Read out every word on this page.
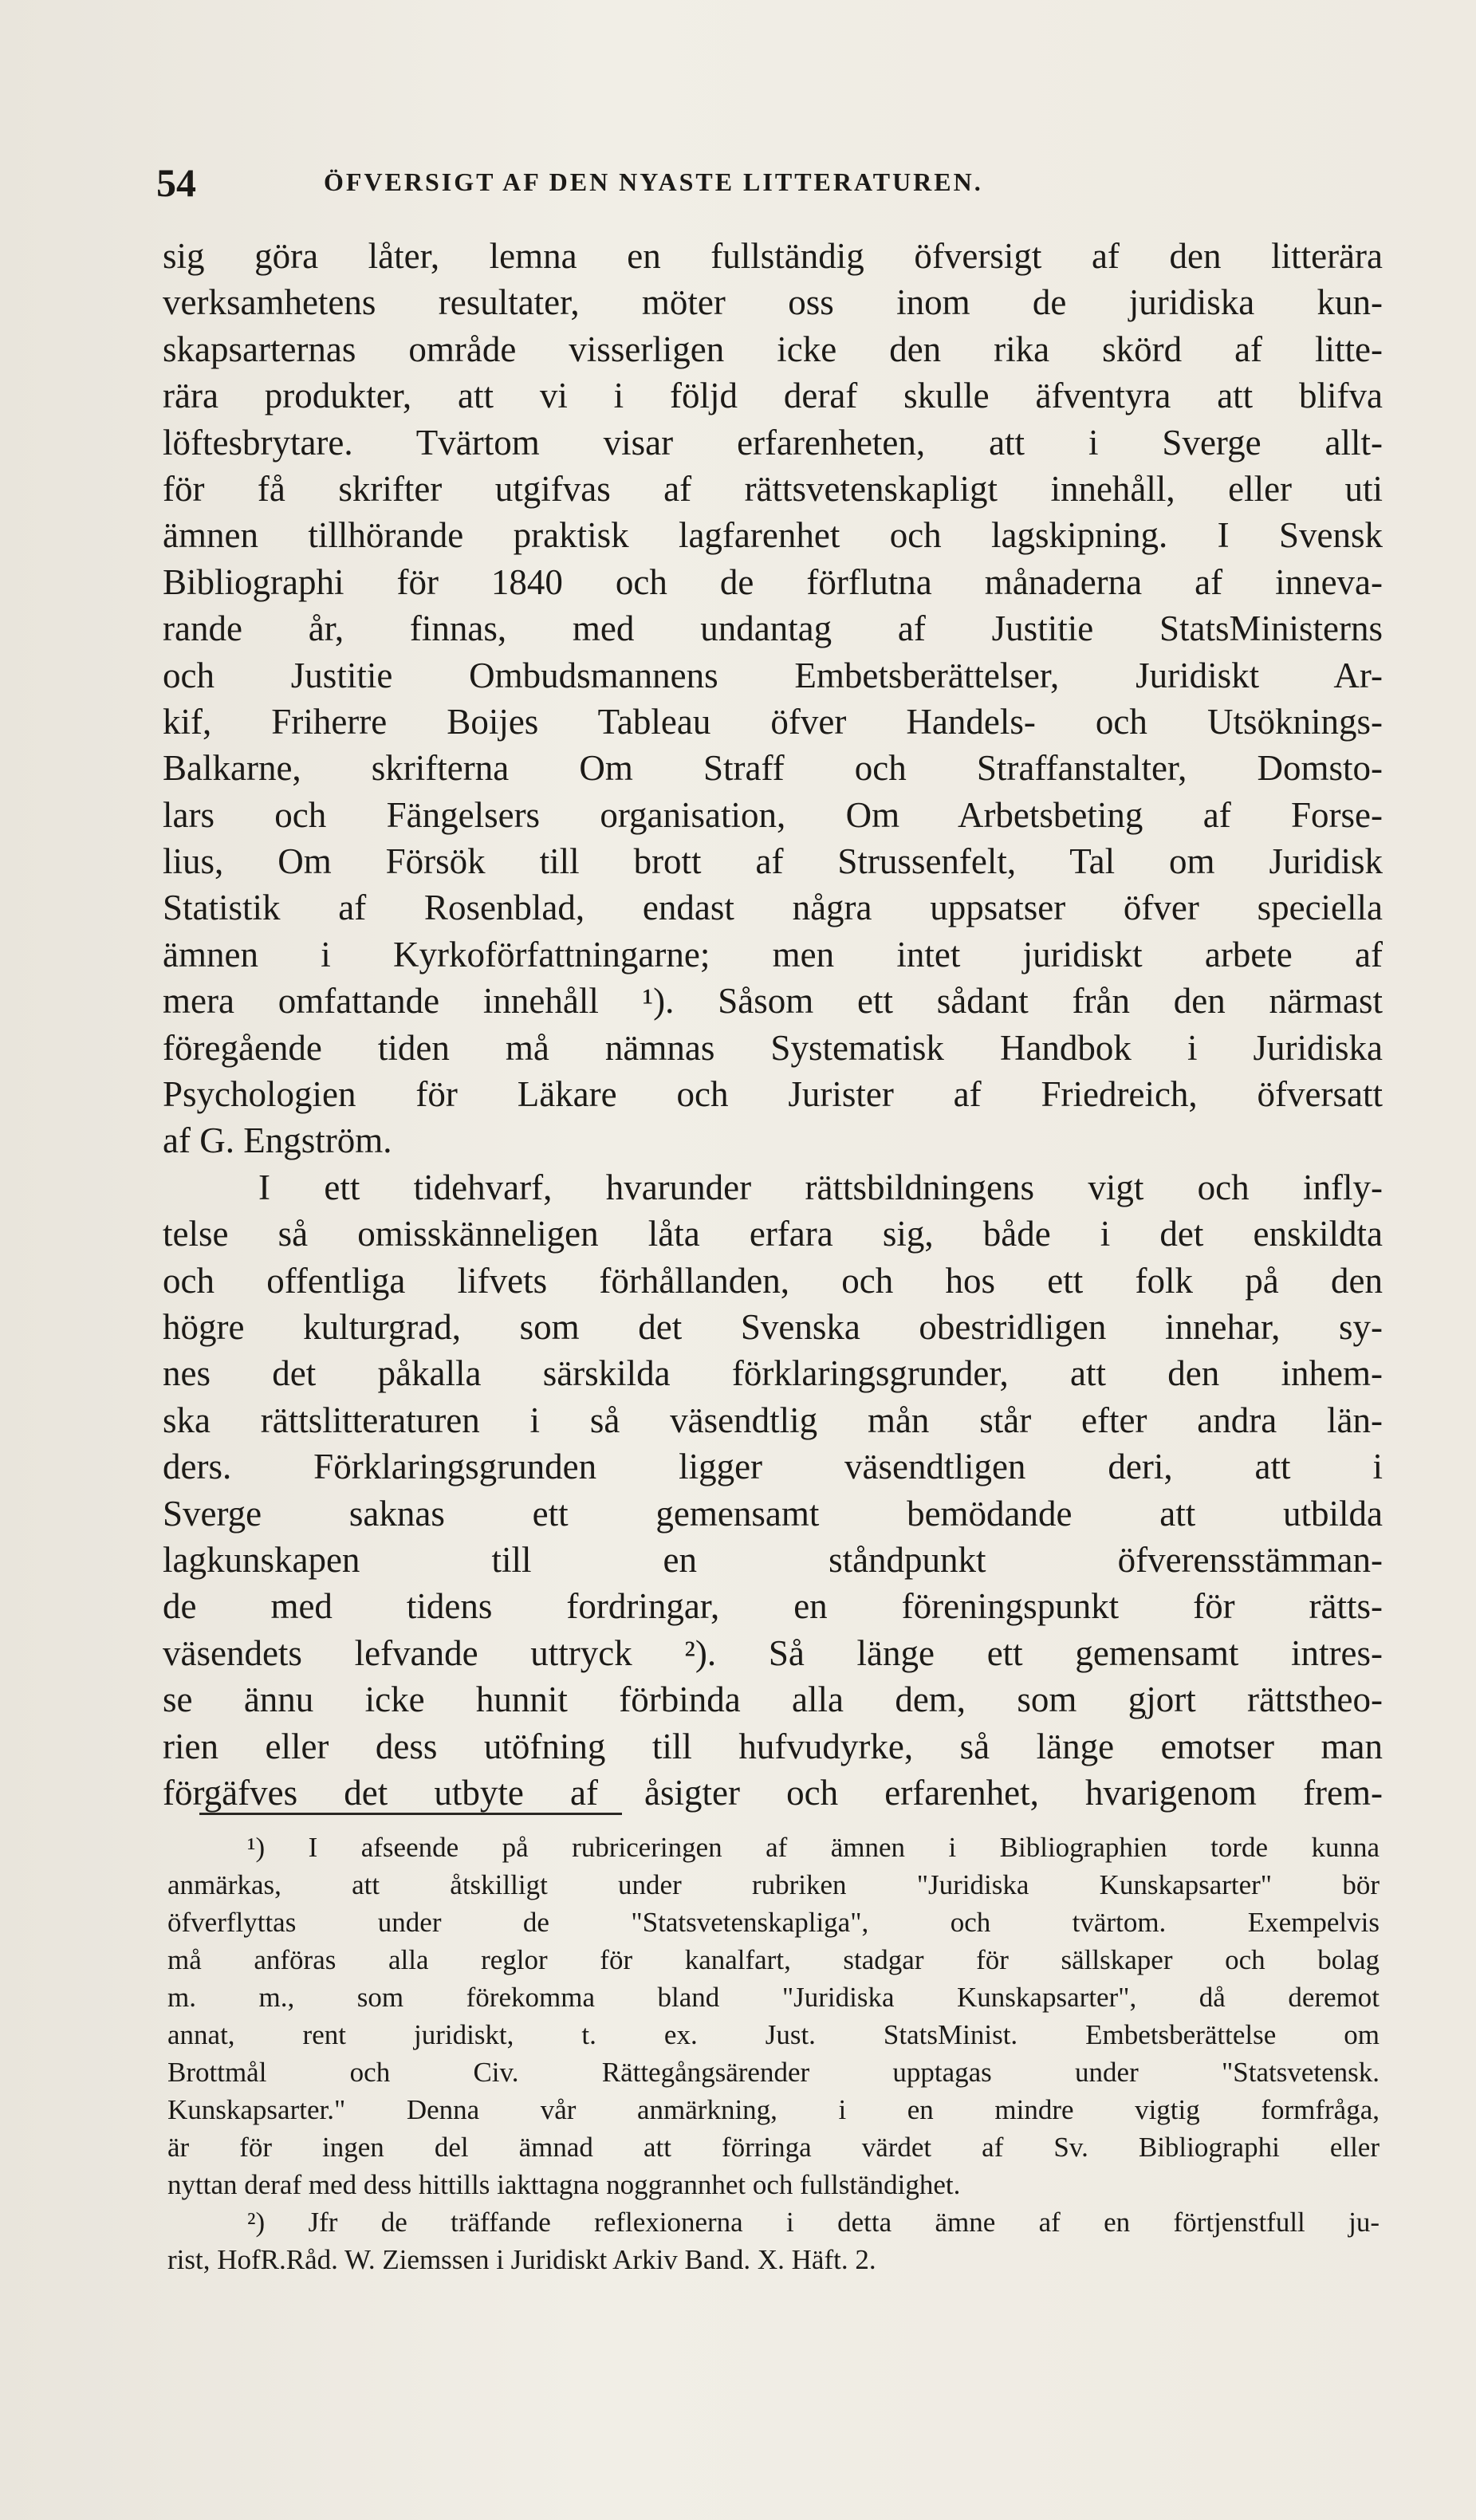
54	ÖFVERSIGT AF DEN NYASTE LITTERATUREN.
sig göra låter, lemna en fullständig öfversigt af den litterära
verksamhetens resultater, möter oss inom de juridiska kun-
skapsarternas område visserligen icke den rika skörd af litte-
rära produkter, att vi i följd deraf skulle äfventyra att blifva
löftesbrytare. Tvärtom visar erfarenheten, att i Sverge allt-
för få skrifter utgifvas af rättsvetenskapligt innehåll, eller uti
ämnen tillhörande praktisk lagfarenhet och lagskipning. I Svensk
Bibliographi för 1840 och de förflutna månaderna af inneva-
rande år, finnas, med undantag af Justitie StatsMinisterns
och Justitie Ombudsmannens Embetsberättelser, Juridiskt Ar-
kif, Friherre Boijes Tableau öfver Handels- och Utsöknings-
Balkarne, skrifterna Om Straff och Straffanstalter, Domsto-
lars och Fängelsers organisation, Om Arbetsbeting af Forse-
lius, Om Försök till brott af Strussenfelt, Tal om Juridisk
Statistik af Rosenblad, endast några uppsatser öfver speciella
ämnen i Kyrkoförfattningarne; men intet juridiskt arbete af
mera omfattande innehåll ¹). Såsom ett sådant från den närmast
föregående tiden må nämnas Systematisk Handbok i Juridiska
Psychologien för Läkare och Jurister af Friedreich, öfversatt
af G. Engström.
I ett tidehvarf, hvarunder rättsbildningens vigt och infly-
telse så omisskänneligen låta erfara sig, både i det enskildta
och offentliga lifvets förhållanden, och hos ett folk på den
högre kulturgrad, som det Svenska obestridligen innehar, sy-
nes det påkalla särskilda förklaringsgrunder, att den inhem-
ska rättslitteraturen i så väsendtlig mån står efter andra län-
ders. Förklaringsgrunden ligger väsendtligen deri, att i
Sverge saknas ett gemensamt bemödande att utbilda
lagkunskapen till en ståndpunkt öfverensstämman-
de med tidens fordringar, en föreningspunkt för rätts-
väsendets lefvande uttryck ²). Så länge ett gemensamt intres-
se ännu icke hunnit förbinda alla dem, som gjort rättstheo-
rien eller dess utöfning till hufvudyrke, så länge emotser man
förgäfves det utbyte af åsigter och erfarenhet, hvarigenom frem-
¹) I afseende på rubriceringen af ämnen i Bibliographien torde kunna
anmärkas, att åtskilligt under rubriken "Juridiska Kunskapsarter" bör
öfverflyttas under de "Statsvetenskapliga", och tvärtom. Exempelvis
må anföras alla reglor för kanalfart, stadgar för sällskaper och bolag
m. m., som förekomma bland "Juridiska Kunskapsarter", då deremot
annat, rent juridiskt, t. ex. Just. StatsMinist. Embetsberättelse om
Brottmål och Civ. Rättegångsärender upptagas under "Statsvetensk.
Kunskapsarter." Denna vår anmärkning, i en mindre vigtig formfråga,
är för ingen del ämnad att förringa värdet af Sv. Bibliographi eller
nyttan deraf med dess hittills iakttagna noggrannhet och fullständighet.
²) Jfr de träffande reflexionerna i detta ämne af en förtjenstfull ju-
rist, HofR.Råd. W. Ziemssen i Juridiskt Arkiv Band. X. Häft. 2.
